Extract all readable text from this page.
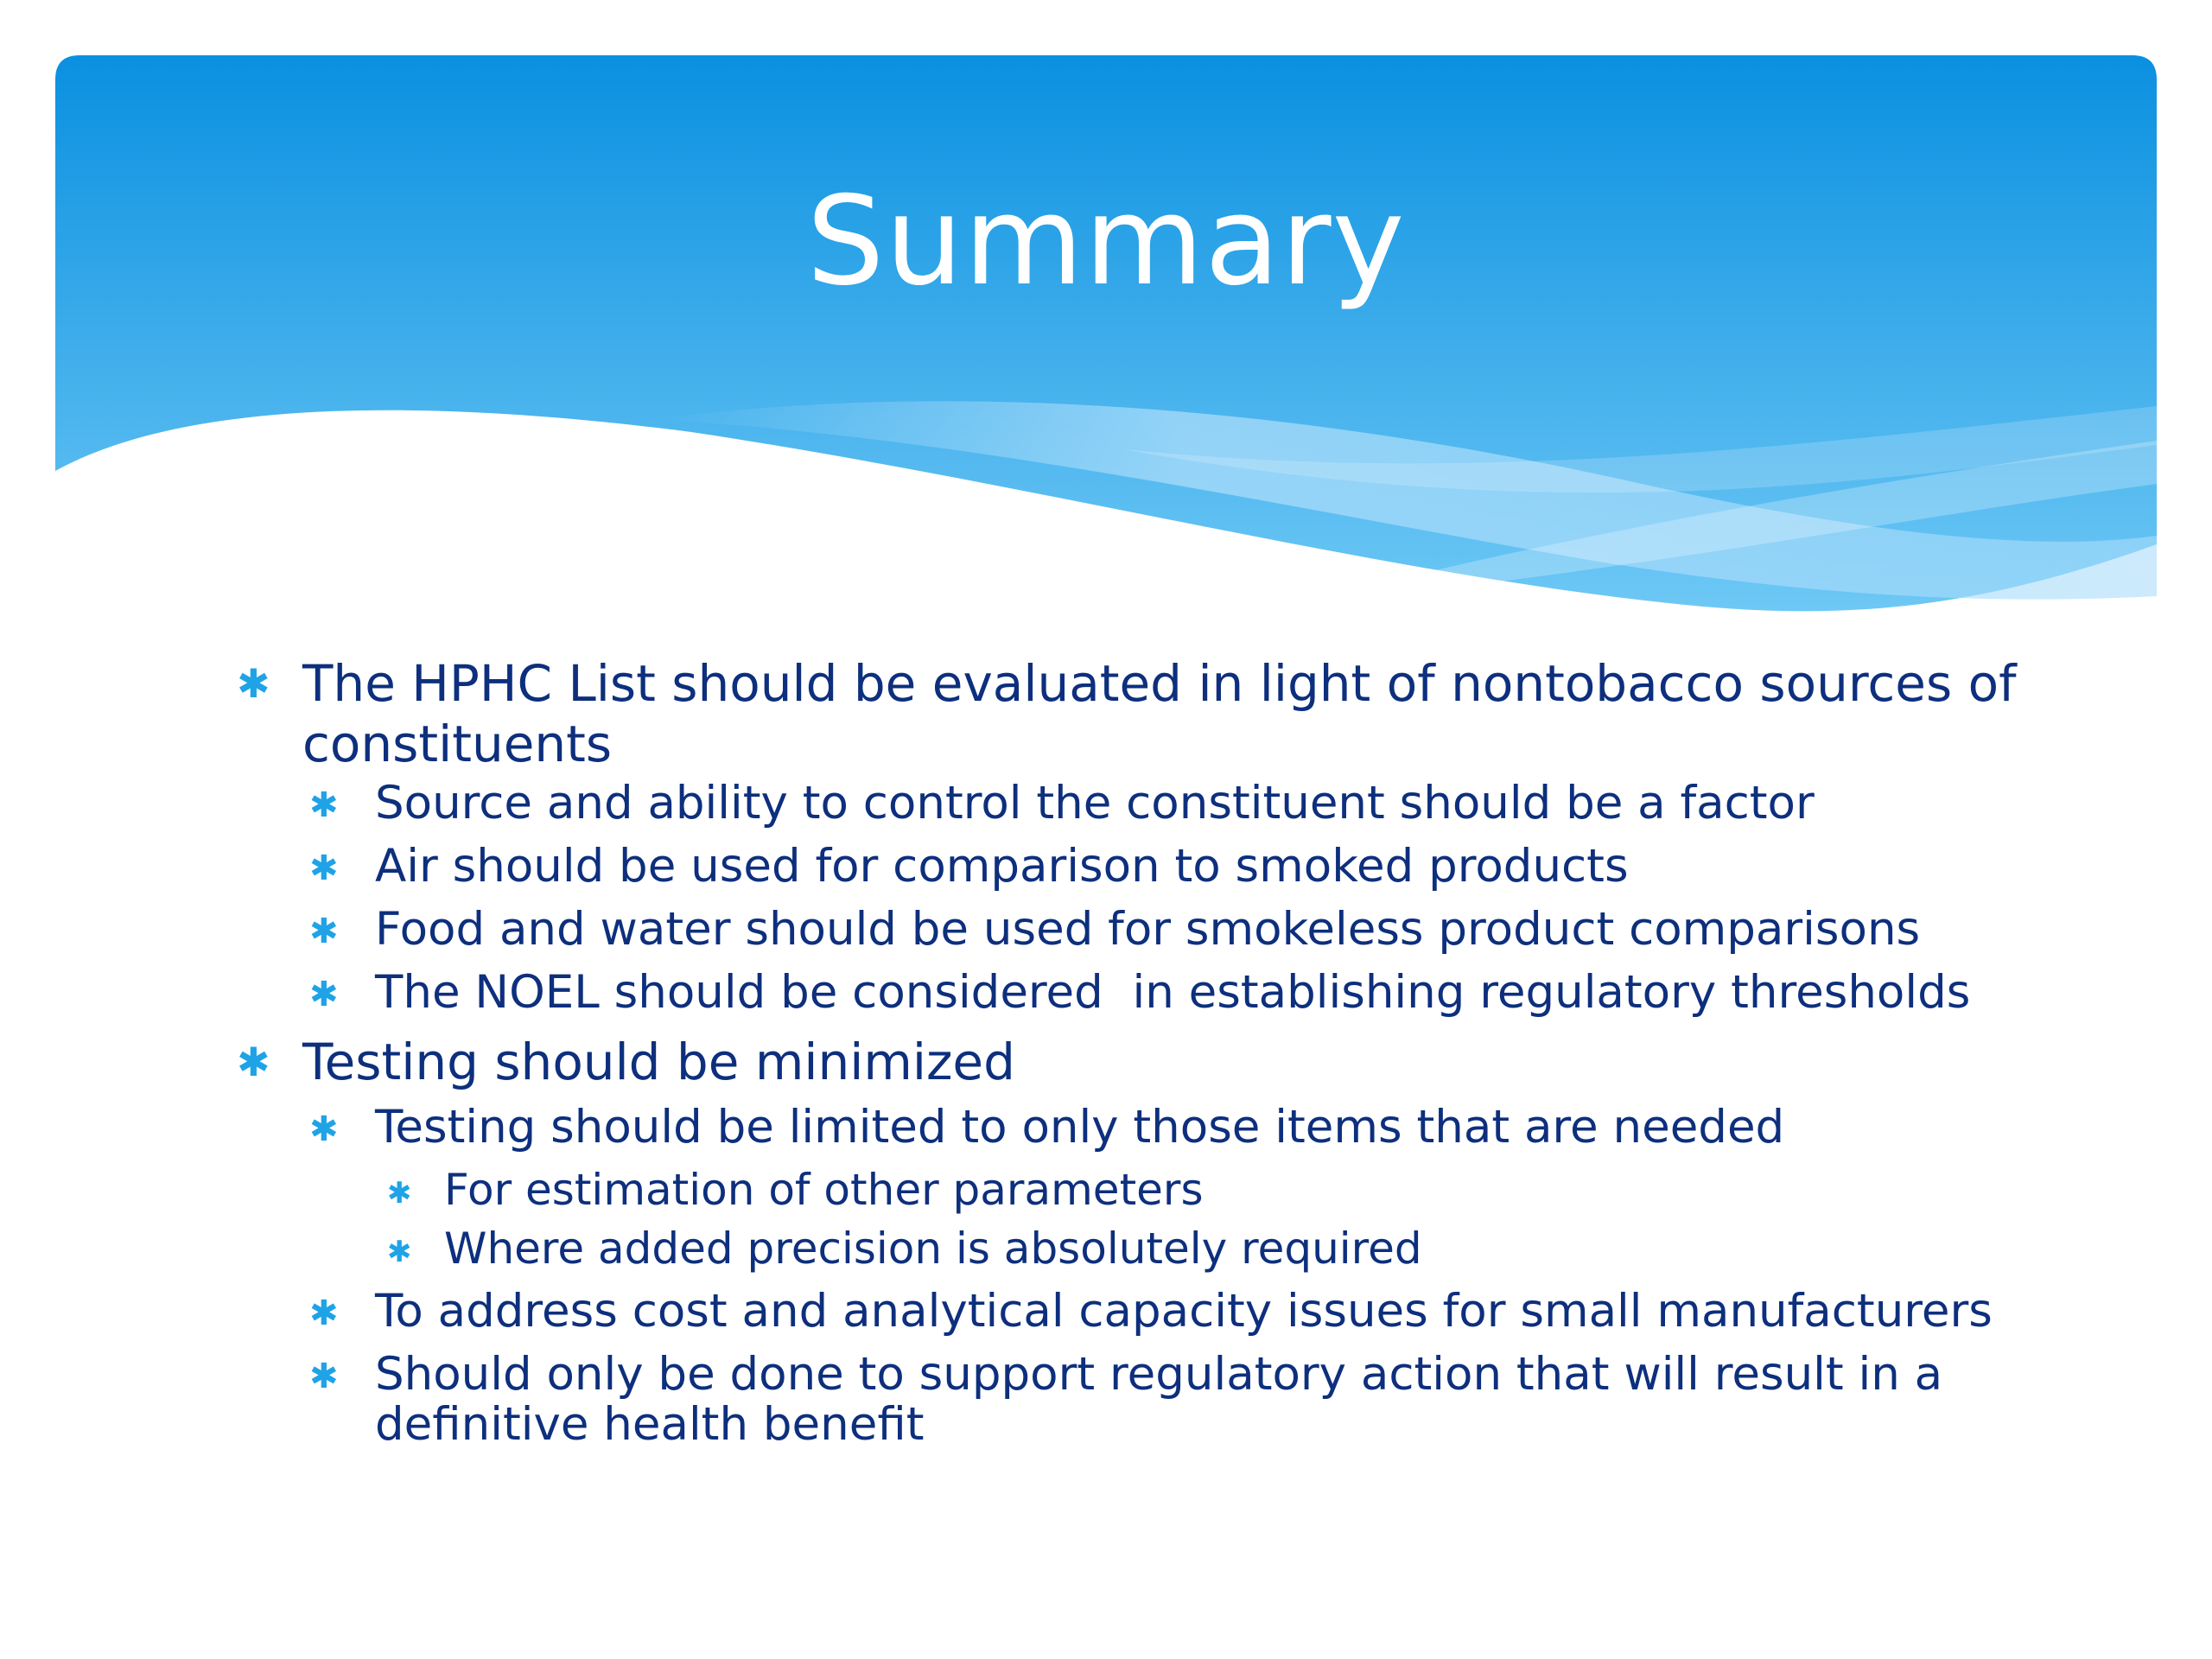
Summary
✱ The HPHC List should be evaluated in light of nontobacco sources of
constituents
✱ Source and ability to control the constituent should be a factor
✱ Air should be used for comparison to smoked products
✱ Food and water should be used for smokeless product comparisons
✱ The NOEL should be considered  in establishing regulatory thresholds
✱ Testing should be minimized
✱ Testing should be limited to only those items that are needed
✱ For estimation of other parameters
✱ Where added precision is absolutely required
✱ To address cost and analytical capacity issues for small manufacturers
✱ Should only be done to support regulatory action that will result in a
definitive health benefit
